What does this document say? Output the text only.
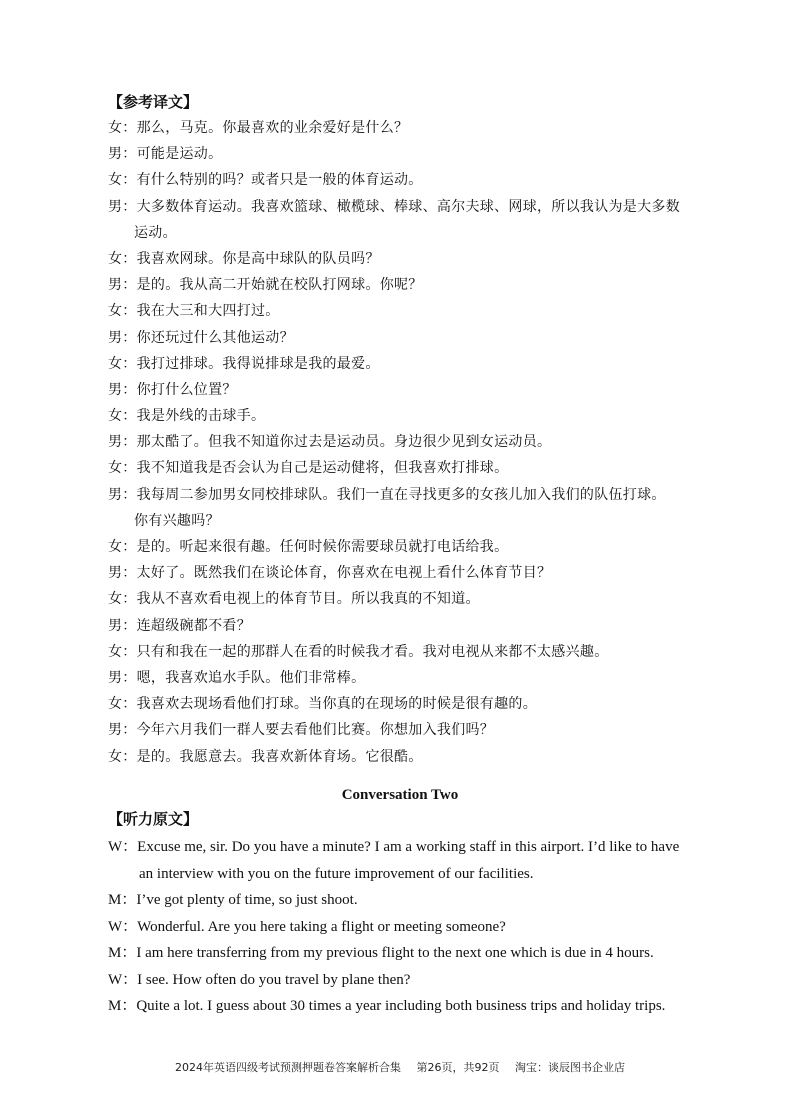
【参考译文】
女：那么，马克。你最喜欢的业余爱好是什么？
男：可能是运动。
女：有什么特别的吗？或者只是一般的体育运动。
男：大多数体育运动。我喜欢篮球、橄榄球、棒球、高尔夫球、网球，所以我认为是大多数
运动。
女：我喜欢网球。你是高中球队的队员吗？
男：是的。我从高二开始就在校队打网球。你呢？
女：我在大三和大四打过。
男：你还玩过什么其他运动？
女：我打过排球。我得说排球是我的最爱。
男：你打什么位置？
女：我是外线的击球手。
男：那太酷了。但我不知道你过去是运动员。身边很少见到女运动员。
女：我不知道我是否会认为自己是运动健将，但我喜欢打排球。
男：我每周二参加男女同校排球队。我们一直在寻找更多的女孩儿加入我们的队伍打球。
你有兴趣吗？
女：是的。听起来很有趣。任何时候你需要球员就打电话给我。
男：太好了。既然我们在谈论体育，你喜欢在电视上看什么体育节目？
女：我从不喜欢看电视上的体育节目。所以我真的不知道。
男：连超级碗都不看？
女：只有和我在一起的那群人在看的时候我才看。我对电视从来都不太感兴趣。
男：嗯，我喜欢追水手队。他们非常棒。
女：我喜欢去现场看他们打球。当你真的在现场的时候是很有趣的。
男：今年六月我们一群人要去看他们比赛。你想加入我们吗？
女：是的。我愿意去。我喜欢新体育场。它很酷。
Conversation Two
【听力原文】
W：Excuse me, sir. Do you have a minute? I am a working staff in this airport. I’d like to have
an interview with you on the future improvement of our facilities.
M：I’ve got plenty of time, so just shoot.
W：Wonderful. Are you here taking a flight or meeting someone?
M：I am here transferring from my previous flight to the next one which is due in 4 hours.
W：I see. How often do you travel by plane then?
M：Quite a lot. I guess about 30 times a year including both business trips and holiday trips.
2024年英语四级考试预测押题卷答案解析合集 第26页，共92页 淘宝：谈辰图书企业店
